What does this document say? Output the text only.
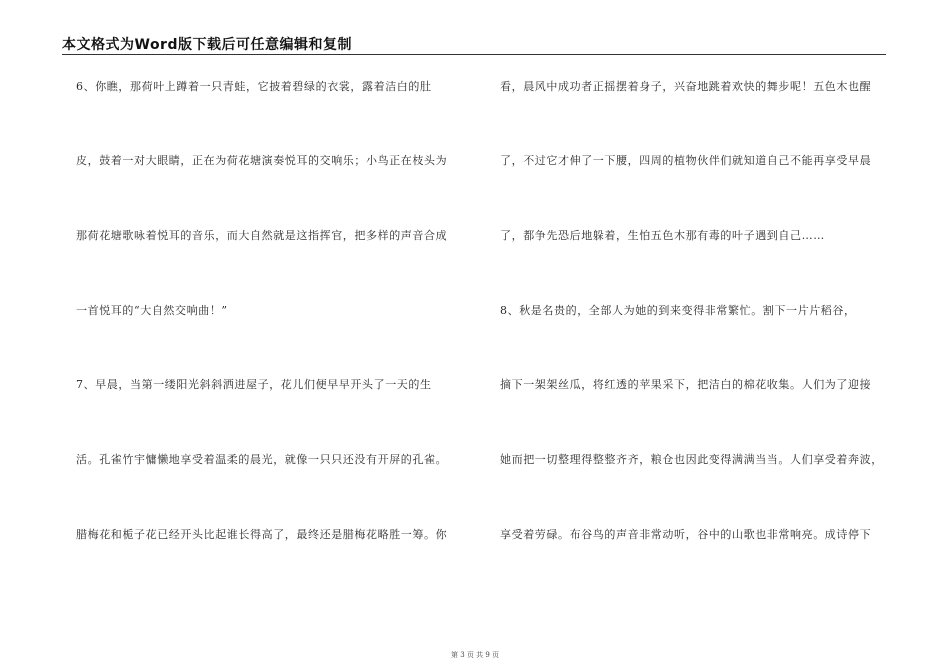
本文格式为Word版下载后可任意编辑和复制
6、你瞧，那荷叶上蹲着一只青蛙，它披着碧绿的衣裳，露着洁白的肚
皮，鼓着一对大眼睛，正在为荷花塘演奏悦耳的交响乐；小鸟正在枝头为
那荷花塘歌咏着悦耳的音乐，而大自然就是这指挥官，把多样的声音合成
一首悦耳的“大自然交响曲！”
7、早晨，当第一缕阳光斜斜洒进屋子，花儿们便早早开头了一天的生
活。孔雀竹宇慵懒地享受着温柔的晨光，就像一只只还没有开屏的孔雀。
腊梅花和栀子花已经开头比起谁长得高了，最终还是腊梅花略胜一筹。你
看，晨风中成功者正摇摆着身子，兴奋地跳着欢快的舞步呢！五色木也醒
了，不过它才伸了一下腰，四周的植物伙伴们就知道自己不能再享受早晨
了，都争先恐后地躲着，生怕五色木那有毒的叶子遇到自己……
8、秋是名贵的，全部人为她的到来变得非常繁忙。割下一片片稻谷，
摘下一架架丝瓜，将红透的苹果采下，把洁白的棉花收集。人们为了迎接
她而把一切整理得整整齐齐，粮仓也因此变得满满当当。人们享受着奔波，
享受着劳碌。布谷鸟的声音非常动听，谷中的山歌也非常响亮。成诗停下
第 3 页 共 9 页
